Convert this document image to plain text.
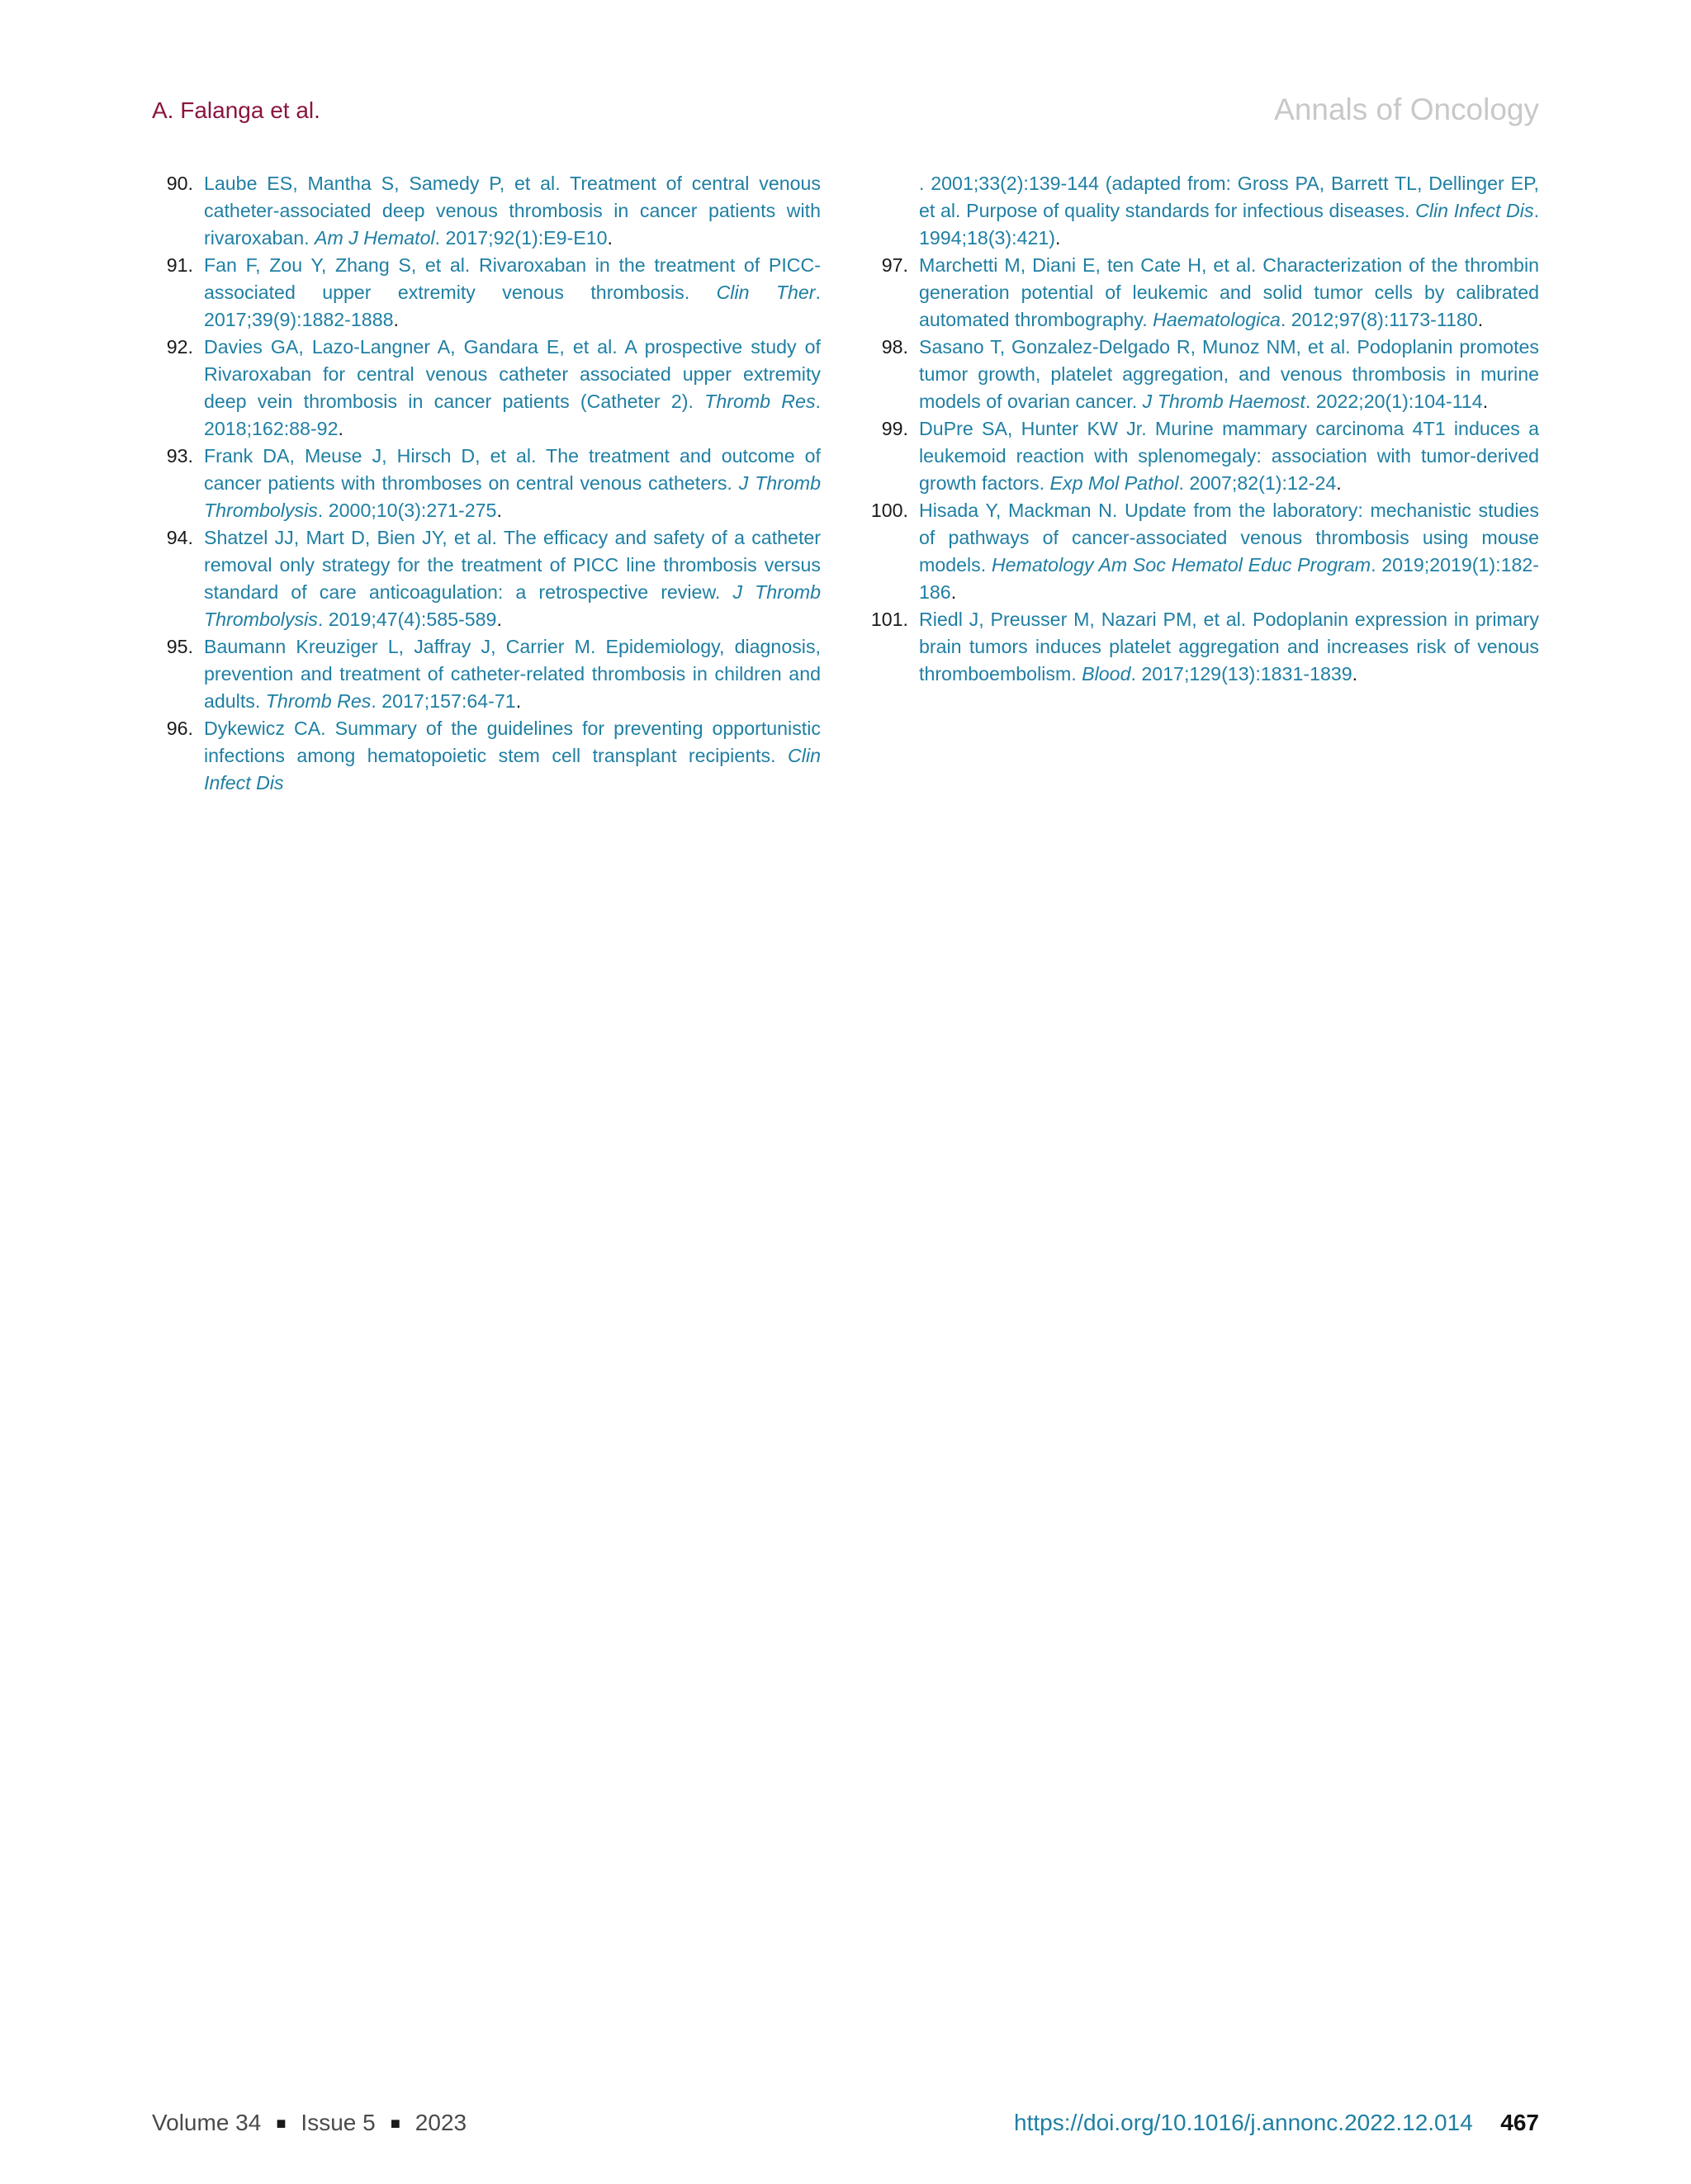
A. Falanga et al.	Annals of Oncology
90. Laube ES, Mantha S, Samedy P, et al. Treatment of central venous catheter-associated deep venous thrombosis in cancer patients with rivaroxaban. Am J Hematol. 2017;92(1):E9-E10.
91. Fan F, Zou Y, Zhang S, et al. Rivaroxaban in the treatment of PICC-associated upper extremity venous thrombosis. Clin Ther. 2017;39(9):1882-1888.
92. Davies GA, Lazo-Langner A, Gandara E, et al. A prospective study of Rivaroxaban for central venous catheter associated upper extremity deep vein thrombosis in cancer patients (Catheter 2). Thromb Res. 2018;162:88-92.
93. Frank DA, Meuse J, Hirsch D, et al. The treatment and outcome of cancer patients with thromboses on central venous catheters. J Thromb Thrombolysis. 2000;10(3):271-275.
94. Shatzel JJ, Mart D, Bien JY, et al. The efficacy and safety of a catheter removal only strategy for the treatment of PICC line thrombosis versus standard of care anticoagulation: a retrospective review. J Thromb Thrombolysis. 2019;47(4):585-589.
95. Baumann Kreuziger L, Jaffray J, Carrier M. Epidemiology, diagnosis, prevention and treatment of catheter-related thrombosis in children and adults. Thromb Res. 2017;157:64-71.
96. Dykewicz CA. Summary of the guidelines for preventing opportunistic infections among hematopoietic stem cell transplant recipients. Clin Infect Dis
. 2001;33(2):139-144 (adapted from: Gross PA, Barrett TL, Dellinger EP, et al. Purpose of quality standards for infectious diseases. Clin Infect Dis. 1994;18(3):421).
97. Marchetti M, Diani E, ten Cate H, et al. Characterization of the thrombin generation potential of leukemic and solid tumor cells by calibrated automated thrombography. Haematologica. 2012;97(8):1173-1180.
98. Sasano T, Gonzalez-Delgado R, Munoz NM, et al. Podoplanin promotes tumor growth, platelet aggregation, and venous thrombosis in murine models of ovarian cancer. J Thromb Haemost. 2022;20(1):104-114.
99. DuPre SA, Hunter KW Jr. Murine mammary carcinoma 4T1 induces a leukemoid reaction with splenomegaly: association with tumor-derived growth factors. Exp Mol Pathol. 2007;82(1):12-24.
100. Hisada Y, Mackman N. Update from the laboratory: mechanistic studies of pathways of cancer-associated venous thrombosis using mouse models. Hematology Am Soc Hematol Educ Program. 2019;2019(1):182-186.
101. Riedl J, Preusser M, Nazari PM, et al. Podoplanin expression in primary brain tumors induces platelet aggregation and increases risk of venous thromboembolism. Blood. 2017;129(13):1831-1839.
Volume 34 ■ Issue 5 ■ 2023	https://doi.org/10.1016/j.annonc.2022.12.014 467
